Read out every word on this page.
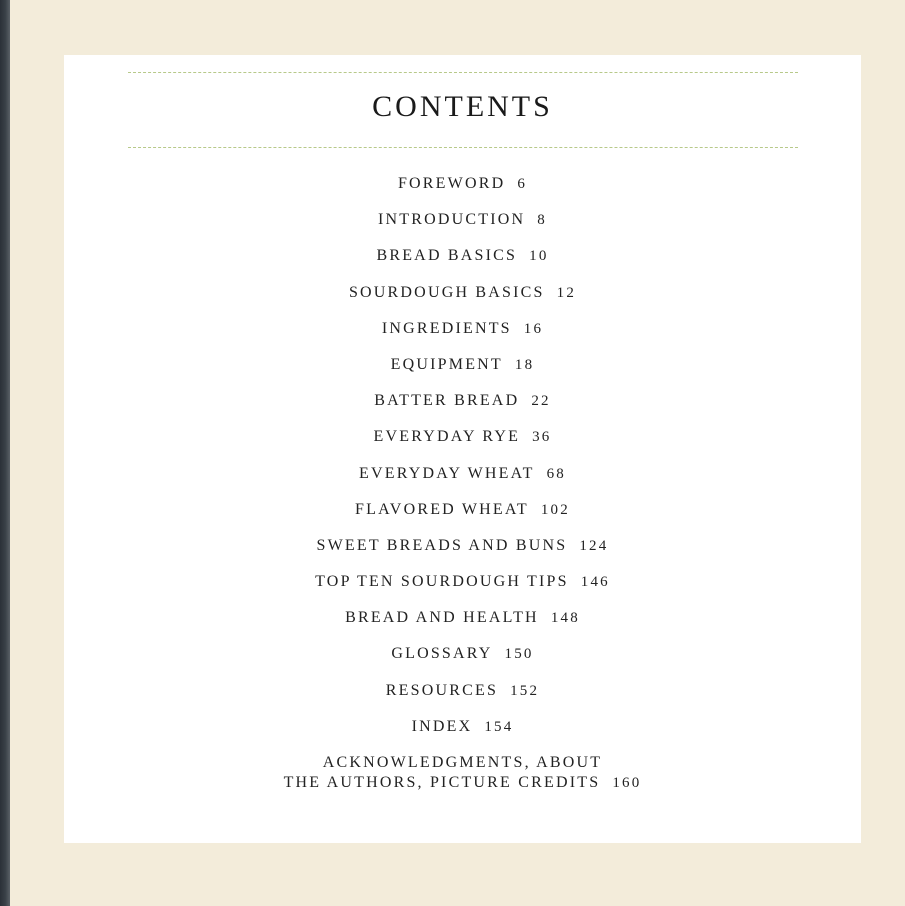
CONTENTS
FOREWORD 6
INTRODUCTION 8
BREAD BASICS 10
SOURDOUGH BASICS 12
INGREDIENTS 16
EQUIPMENT 18
BATTER BREAD 22
EVERYDAY RYE 36
EVERYDAY WHEAT 68
FLAVORED WHEAT 102
SWEET BREADS AND BUNS 124
TOP TEN SOURDOUGH TIPS 146
BREAD AND HEALTH 148
GLOSSARY 150
RESOURCES 152
INDEX 154
ACKNOWLEDGMENTS, ABOUT
THE AUTHORS, PICTURE CREDITS 160
